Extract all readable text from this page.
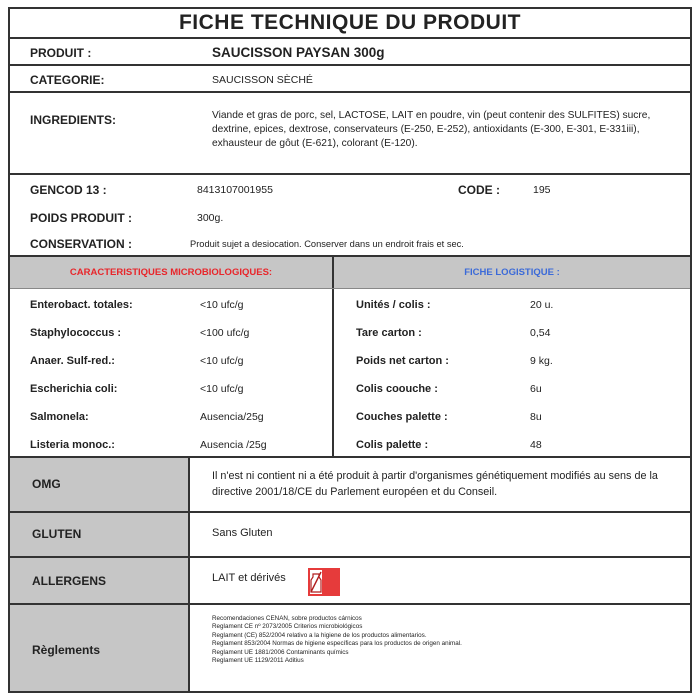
FICHE TECHNIQUE DU PRODUIT
PRODUIT :	SAUCISSON PAYSAN 300g
CATEGORIE:	SAUCISSON SÈCHÉ
INGREDIENTS:	Viande et gras de porc, sel, LACTOSE, LAIT en poudre, vin (peut contenir des SULFITES) sucre, dextrine, epices, dextrose, conservateurs (E-250, E-252), antioxidants (E-300, E-301, E-331iii), exhausteur de gôut (E-621), colorant (E-120).
GENCOD 13 :	8413107001955	CODE :	195
POIDS PRODUIT :	300g.
CONSERVATION :	Produit sujet a desiocation. Conserver dans un endroit frais et sec.
CARACTERISTIQUES MICROBIOLOGIQUES:	FICHE LOGISTIQUE :
Enterobact. totales:	<10 ufc/g
Staphylococcus :	<100 ufc/g
Anaer. Sulf-red.:	<10 ufc/g
Escherichia coli:	<10 ufc/g
Salmonela:	Ausencia/25g
Listeria monoc.:	Ausencia /25g
Unités / colis :	20 u.
Tare carton :	0,54
Poids net carton :	9 kg.
Colis coouche :	6u
Couches palette :	8u
Colis palette :	48
OMG
Il n'est ni contient ni a été produit à partir d'organismes génétiquement modifiés au sens de la directive 2001/18/CE du Parlement européen et du Conseil.
GLUTEN	Sans Gluten
ALLERGENS	LAIT et dérivés
Règlements
Recomendaciones CENAN, sobre productos cárnicos
Reglament CE nº 2073/2005 Criterios microbiológicos
Reglament (CE) 852/2004 relativo a la higiene de los productos alimentarios.
Reglament 853/2004 Normas de higiene específicas para los productos de origen animal.
Reglament UE 1881/2006 Contaminants químics
Reglament UE 1129/2011 Aditius
